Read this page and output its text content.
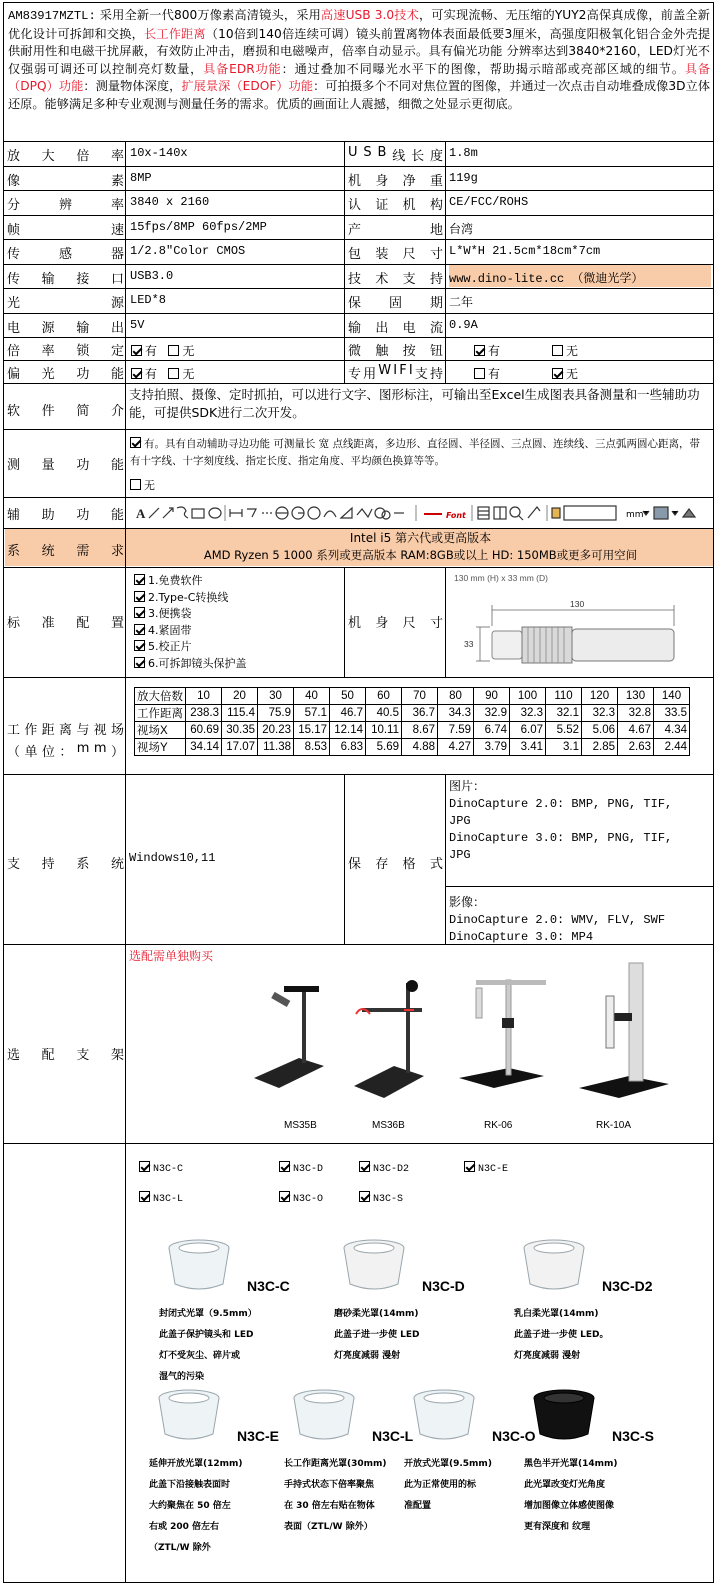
AM83917MZTL: 采用全新一代800万像素高清镜头，采用高速USB 3.0技术，可实现流畅、无压缩的YUY2高保真成像，前盖全新优化设计可拆卸和交换，长工作距离（10倍到140倍连续可调）镜头前置离物体表面最低要3厘米，高强度阳极氧化铝合金外壳提供耐用性和电磁干扰屏蔽，有效防止冲击，磨损和电磁噪声，倍率自动显示。具有偏光功能 分辨率达到3840*2160，LED灯光不仅强弱可调还可以控制亮灯数量，具备EDR功能：通过叠加不同曝光水平下的图像，帮助揭示暗部或亮部区域的细节。具备（DPQ）功能：测量物体深度，扩展景深（EDOF）功能：可拍摄多个不同对焦位置的图像，并通过一次点击自动堆叠成像3D立体还原。能够满足多种专业观测与测量任务的需求。优质的画面让人震撼，细微之处显示更彻底。
放 大 倍 率 10x-140x	U S B 线 长 度 1.8m
像	素 8MP	机 身 净 重 119g
分	辨	率 3840 x 2160	认 证 机 构 CE/FCC/ROHS
帧	速 15fps/8MP 60fps/2MP	产	地 台湾
传	感	器 1/2.8"Color CMOS	包 装 尺 寸 L*W*H 21.5cm*18cm*7cm
传 输 接 口 USB3.0	技 术 支 持 www.dino-lite.cc （微迪光学）
光	源 LED*8	保 固 期 二年
电 源 输 出 5V	输 出 电 流 0.9A
倍 率 锁 定	有 无	微 触 按 钮	有	无
偏 光 功 能	有 无	专 用 W I F I 支 持	有	无
软 件 简 介
支持拍照、摄像、定时抓拍，可以进行文字、图形标注，可输出至Excel生成图表具备测量和一些辅助功能，可提供SDK进行二次开发。
测 量 功 能
有。具有自动辅助寻边功能 可测量长 宽 点线距离，多边形、直径圆、半径圆、三点圆、连续线、三点弧两圆心距离，带有十字线、十字刻度线、指定长度、指定角度、平均颜色换算等等。
无
辅 助 功 能 A	Font	mm
系 统 需 求
Intel i5 第六代或更高版本
AMD Ryzen 5 1000 系列或更高版本 RAM:8GB或以上 HD: 150MB或更多可用空间
标 准 配 置
1.免费软件
2.Type-C转换线
3.便携袋
4.紧固带
5.校正片
6.可拆卸镜头保护盖
机 身 尺 寸
130 mm (H) x 33 mm (D)
130
33
工 作 距 离 与 视 场
（ 单 位 ： m m ）
放大倍数	10	20	30	40	50	60	70	80	90	100	110	120	130	140
工作距离	238.3	115.4	75.9	57.1	46.7	40.5	36.7	34.3	32.9	32.3	32.1	32.3	32.8	33.5
视场X	60.69	30.35	20.23	15.17	12.14	10.11	8.67	7.59	6.74	6.07	5.52	5.06	4.67	4.34
视场Y	34.14	17.07	11.38	8.53	6.83	5.69	4.88	4.27	3.79	3.41	3.1	2.85	2.63	2.44
支 持 系 统 Windows10,11	保 存 格 式
图片：
DinoCapture 2.0: BMP, PNG, TIF,
JPG
DinoCapture 3.0: BMP, PNG, TIF,
JPG
影像：
DinoCapture 2.0: WMV, FLV, SWF
DinoCapture 3.0: MP4
选 配 支 架
选配需单独购买
MS35B	MS36B	RK-06	RK-10A
N3C-C	N3C-D	N3C-D2	N3C-E
N3C-L	N3C-O	N3C-S
N3C-C
封闭式光罩（9.5mm）
此盖子保护镜头和 LED
灯不受灰尘、碎片或
湿气的污染
N3C-D
磨砂柔光罩(14mm)
此盖子进一步使 LED
灯亮度减弱 漫射
N3C-D2
乳白柔光罩(14mm)
此盖子进一步使 LED。
灯亮度减弱 漫射
N3C-E
延伸开放光罩(12mm)
此盖下沿接触表面时
大约聚焦在 50 倍左
右或 200 倍左右
（ZTL/W 除外
N3C-L
长工作距离光罩(30mm)
手持式状态下倍率聚焦
在 30 倍左右贴在物体
表面（ZTL/W 除外）
N3C-O
开放式光罩(9.5mm)
此为正常使用的标
准配置
N3C-S
黑色半开光罩(14mm)
此光罩改变灯光角度
增加图像立体感使图像
更有深度和 纹理
